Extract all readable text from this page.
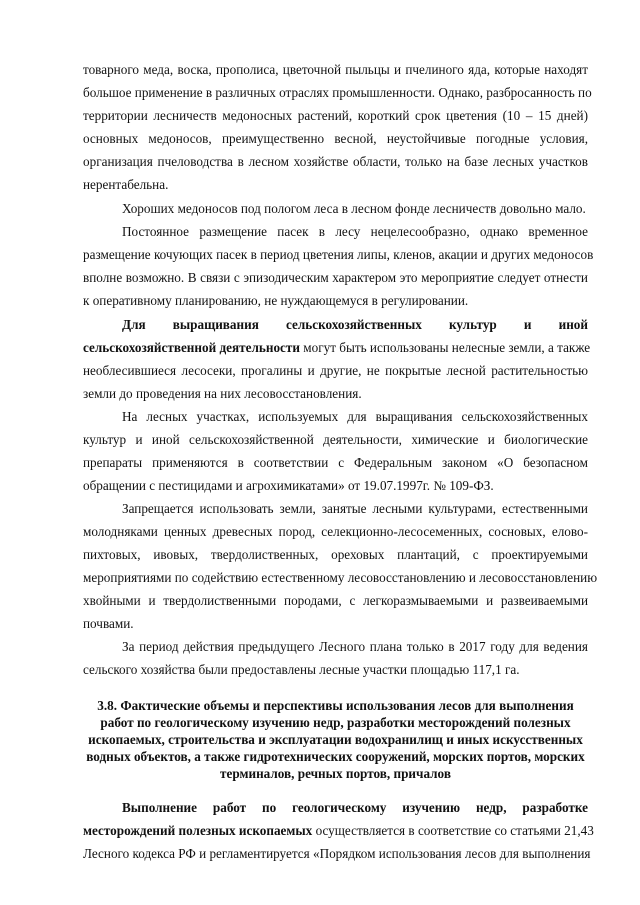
товарного меда, воска, прополиса, цветочной пыльцы и пчелиного яда, которые находят
большое применение в различных отраслях промышленности. Однако, разбросанность по
территории лесничеств медоносных растений, короткий срок цветения (10 – 15 дней)
основных медоносов, преимущественно весной, неустойчивые погодные условия,
организация пчеловодства в лесном хозяйстве области, только на базе лесных участков
нерентабельна.
Хороших медоносов под пологом леса в лесном фонде лесничеств довольно мало.
Постоянное размещение пасек в лесу нецелесообразно, однако временное
размещение кочующих пасек в период цветения липы, кленов, акации и других медоносов
вполне возможно. В связи с эпизодическим характером это мероприятие следует отнести
к оперативному планированию, не нуждающемуся в регулировании.
Для выращивания сельскохозяйственных культур и иной
сельскохозяйственной деятельности могут быть использованы нелесные земли, а также
необлесившиеся лесосеки, прогалины и другие, не покрытые лесной растительностью
земли до проведения на них лесовосстановления.
На лесных участках, используемых для выращивания сельскохозяйственных
культур и иной сельскохозяйственной деятельности, химические и биологические
препараты применяются в соответствии с Федеральным законом «О безопасном
обращении с пестицидами и агрохимикатами» от 19.07.1997г. № 109-ФЗ.
Запрещается использовать земли, занятые лесными культурами, естественными
молодняками ценных древесных пород, селекционно-лесосеменных, сосновых, елово-
пихтовых, ивовых, твердолиственных, ореховых плантаций, с проектируемыми
мероприятиями по содействию естественному лесовосстановлению и лесовосстановлению
хвойными и твердолиственными породами, с легкоразмываемыми и развеиваемыми
почвами.
За период действия предыдущего Лесного плана только в 2017 году для ведения
сельского хозяйства были предоставлены лесные участки площадью 117,1 га.
3.8. Фактические объемы и перспективы использования лесов для выполнения
работ по геологическому изучению недр, разработки месторождений полезных
ископаемых, строительства и эксплуатации водохранилищ и иных искусственных
водных объектов, а также гидротехнических сооружений, морских портов, морских
терминалов, речных портов, причалов
Выполнение работ по геологическому изучению недр, разработке
месторождений полезных ископаемых осуществляется в соответствие со статьями 21,43
Лесного кодекса РФ и регламентируется «Порядком использования лесов для выполнения
